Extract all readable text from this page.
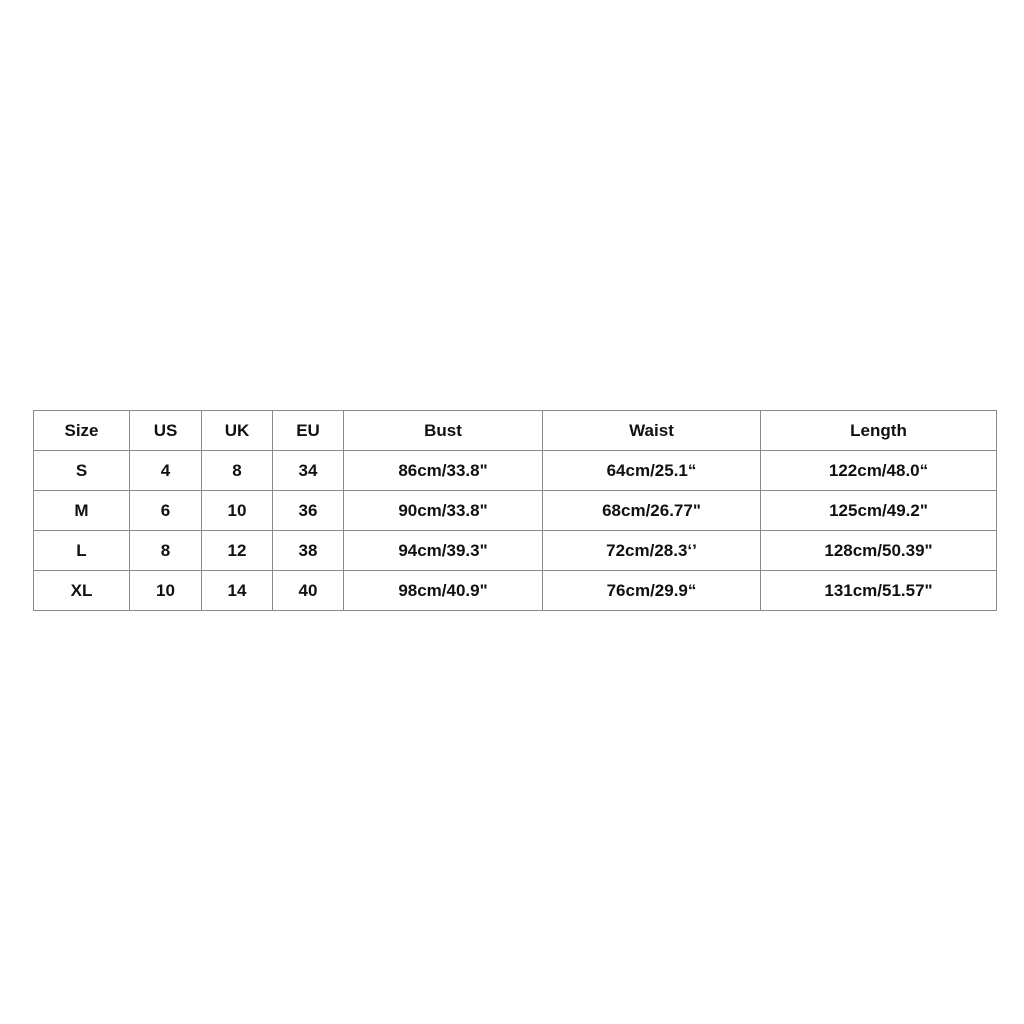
Size	US	UK	EU	Bust	Waist	Length
S	4	8	34	86cm/33.8"	64cm/25.1“	122cm/48.0“
M	6	10	36	90cm/33.8"	68cm/26.77"	125cm/49.2"
L	8	12	38	94cm/39.3"	72cm/28.3‘’	128cm/50.39"
XL	10	14	40	98cm/40.9"	76cm/29.9“	131cm/51.57"
